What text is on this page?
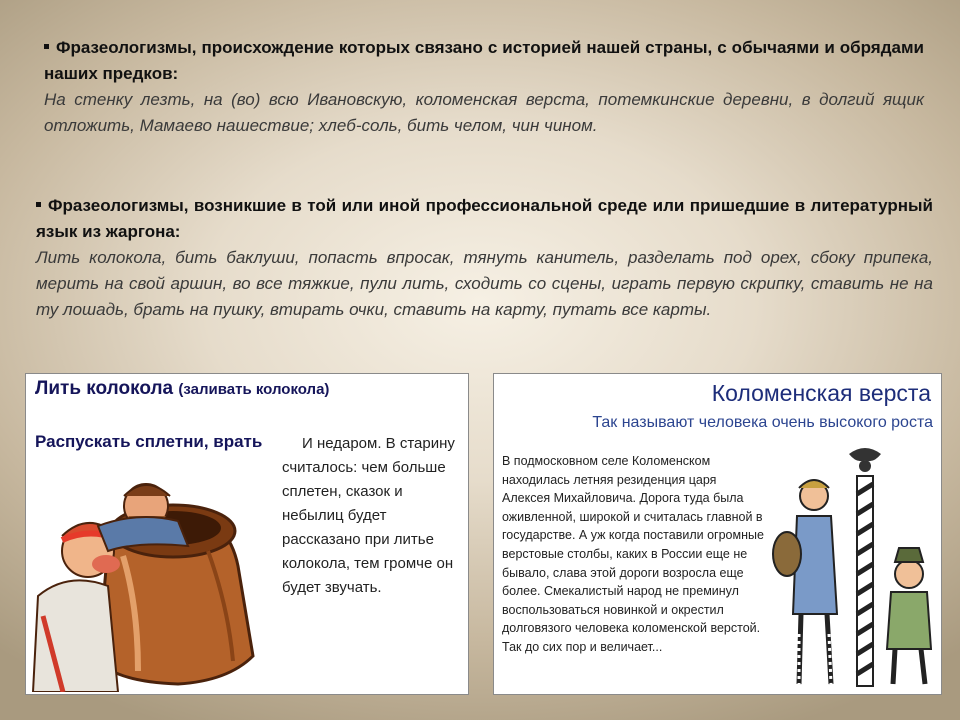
Фразеологизмы, происхождение которых связано с историей нашей страны, с обычаями и обрядами наших предков:
На стенку лезть, на (во) всю Ивановскую, коломенская верста, потемкинские деревни, в долгий ящик отложить, Мамаево нашествие; хлеб-соль, бить челом, чин чином.
Фразеологизмы, возникшие в той или иной профессиональной среде или пришедшие в литературный язык из жаргона:
Лить колокола, бить баклуши, попасть впросак, тянуть канитель, разделать под орех, сбоку припека, мерить на свой аршин, во все тяжкие, пули лить, сходить со сцены, играть первую скрипку, ставить не на ту лошадь, брать на пушку, втирать очки, ставить на карту, путать все карты.
Лить колокола (заливать колокола)
Распускать сплетни, врать	И недаром. В старину считалось: чем больше сплетен, сказок и небылиц будет рассказано при литье колокола, тем громче он будет звучать.
Коломенская верста
Так называют человека очень высокого роста
В подмосковном селе Коломенском находилась летняя резиденция царя Алексея Михайловича. Дорога туда была оживленной, широкой и считалась главной в государстве. А уж когда поставили огромные верстовые столбы, каких в России еще не бывало, слава этой дороги возросла еще более. Смекалистый народ не преминул воспользоваться новинкой и окрестил долговязого человека коломенской верстой. Так до сих пор и величает...
